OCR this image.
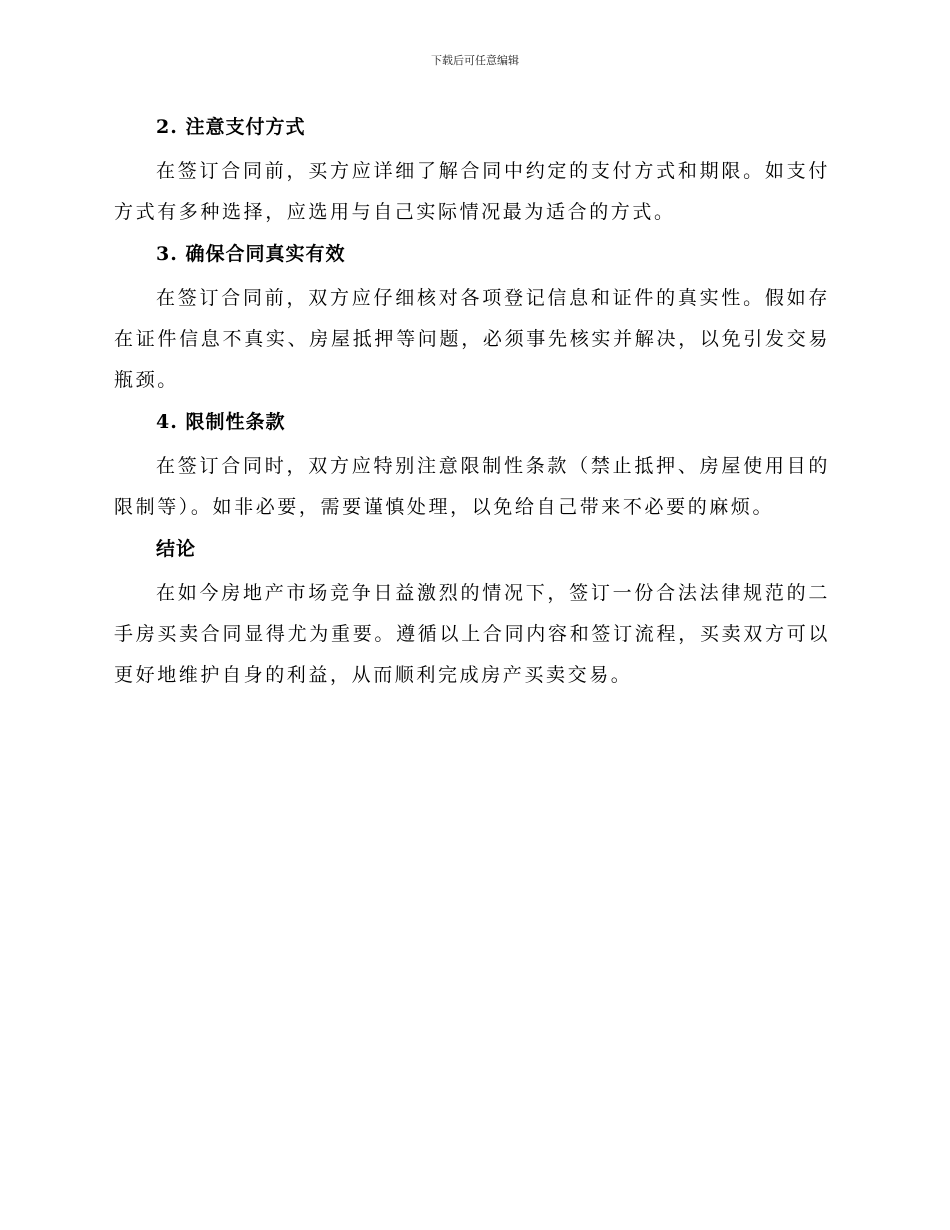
下载后可任意编辑
2. 注意支付方式

在签订合同前，买方应详细了解合同中约定的支付方式和期限。如支付方式有多种选择，应选用与自己实际情况最为适合的方式。

3. 确保合同真实有效

在签订合同前，双方应仔细核对各项登记信息和证件的真实性。假如存在证件信息不真实、房屋抵押等问题，必须事先核实并解决，以免引发交易瓶颈。

4. 限制性条款

在签订合同时，双方应特别注意限制性条款（禁止抵押、房屋使用目的限制等）。如非必要，需要谨慎处理，以免给自己带来不必要的麻烦。

结论

在如今房地产市场竞争日益激烈的情况下，签订一份合法法律规范的二手房买卖合同显得尤为重要。遵循以上合同内容和签订流程，买卖双方可以更好地维护自身的利益，从而顺利完成房产买卖交易。
